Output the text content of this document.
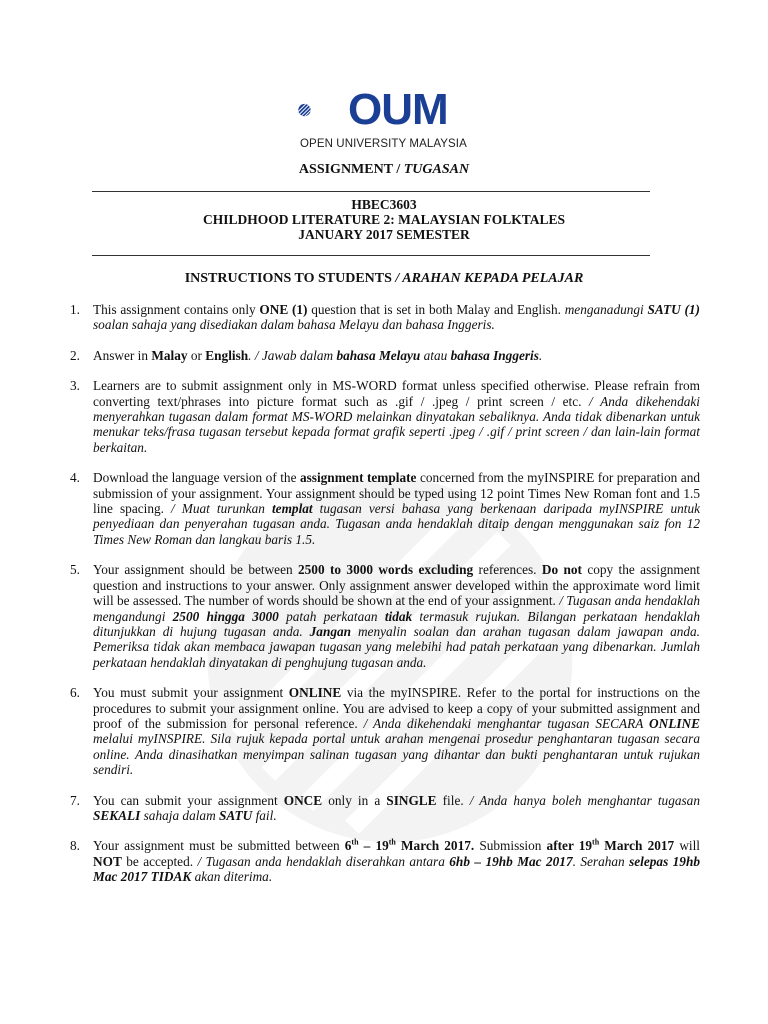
OUM
OPEN UNIVERSITY MALAYSIA
ASSIGNMENT / TUGASAN
HBEC3603
CHILDHOOD LITERATURE 2: MALAYSIAN FOLKTALES
JANUARY 2017 SEMESTER
INSTRUCTIONS TO STUDENTS / ARAHAN KEPADA PELAJAR
1. This assignment contains only ONE (1) question that is set in both Malay and English. menganadungi SATU (1) soalan sahaja yang disediakan dalam bahasa Melayu dan bahasa Inggeris.
2. Answer in Malay or English. / Jawab dalam bahasa Melayu atau bahasa Inggeris.
3. Learners are to submit assignment only in MS-WORD format unless specified otherwise. Please refrain from converting text/phrases into picture format such as .gif / .jpeg / print screen / etc. / Anda dikehendaki menyerahkan tugasan dalam format MS-WORD melainkan dinyatakan sebaliknya. Anda tidak dibenarkan untuk menukar teks/frasa tugasan tersebut kepada format grafik seperti .jpeg / .gif / print screen / dan lain-lain format berkaitan.
4. Download the language version of the assignment template concerned from the myINSPIRE for preparation and submission of your assignment. Your assignment should be typed using 12 point Times New Roman font and 1.5 line spacing. / Muat turunkan templat tugasan versi bahasa yang berkenaan daripada myINSPIRE untuk penyediaan dan penyerahan tugasan anda. Tugasan anda hendaklah ditaip dengan menggunakan saiz fon 12 Times New Roman dan langkau baris 1.5.
5. Your assignment should be between 2500 to 3000 words excluding references. Do not copy the assignment question and instructions to your answer. Only assignment answer developed within the approximate word limit will be assessed. The number of words should be shown at the end of your assignment. / Tugasan anda hendaklah mengandungi 2500 hingga 3000 patah perkataan tidak termasuk rujukan. Bilangan perkataan hendaklah ditunjukkan di hujung tugasan anda. Jangan menyalin soalan dan arahan tugasan dalam jawapan anda. Pemeriksa tidak akan membaca jawapan tugasan yang melebihi had patah perkataan yang dibenarkan. Jumlah perkataan hendaklah dinyatakan di penghujung tugasan anda.
6. You must submit your assignment ONLINE via the myINSPIRE. Refer to the portal for instructions on the procedures to submit your assignment online. You are advised to keep a copy of your submitted assignment and proof of the submission for personal reference. / Anda dikehendaki menghantar tugasan SECARA ONLINE melalui myINSPIRE. Sila rujuk kepada portal untuk arahan mengenai prosedur penghantaran tugasan secara online. Anda dinasihatkan menyimpan salinan tugasan yang dihantar dan bukti penghantaran untuk rujukan sendiri.
7. You can submit your assignment ONCE only in a SINGLE file. / Anda hanya boleh menghantar tugasan SEKALI sahaja dalam SATU fail.
8. Your assignment must be submitted between 6th – 19th March 2017. Submission after 19th March 2017 will NOT be accepted. / Tugasan anda hendaklah diserahkan antara 6hb – 19hb Mac 2017. Serahan selepas 19hb Mac 2017 TIDAK akan diterima.
